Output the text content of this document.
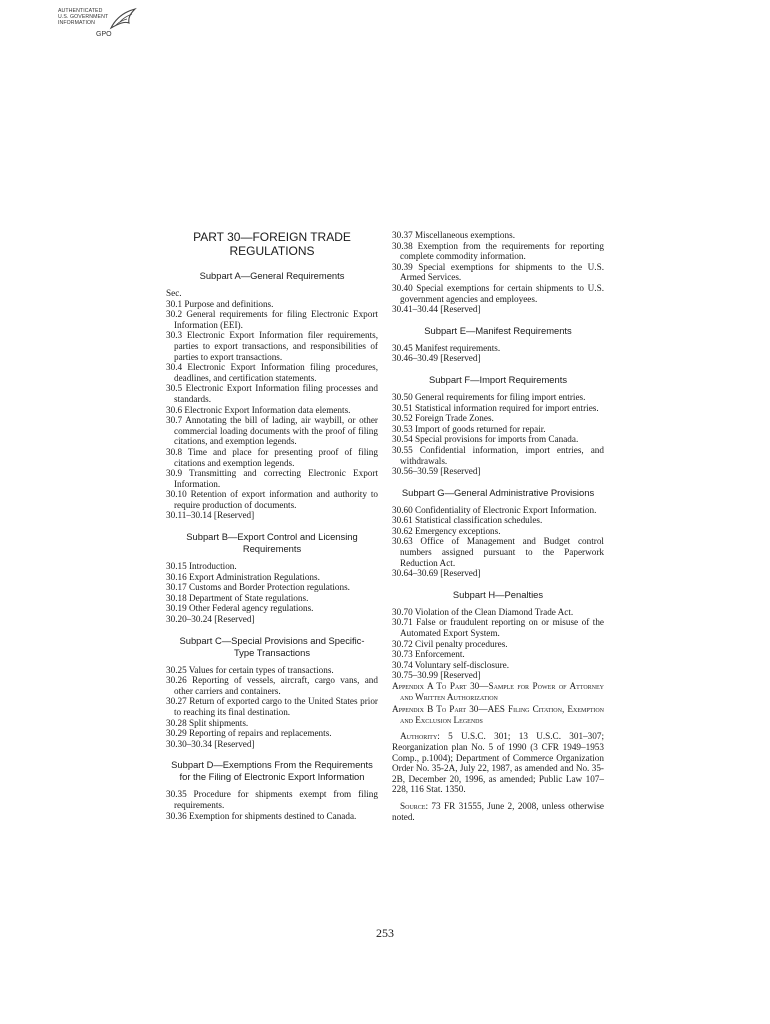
AUTHENTICATED
U.S. GOVERNMENT
INFORMATION
GPO
PART 30—FOREIGN TRADE
REGULATIONS
Subpart A—General Requirements
Sec.
30.1 Purpose and definitions.
30.2 General requirements for filing Electronic Export Information (EEI).
30.3 Electronic Export Information filer requirements, parties to export transactions, and responsibilities of parties to export transactions.
30.4 Electronic Export Information filing procedures, deadlines, and certification statements.
30.5 Electronic Export Information filing processes and standards.
30.6 Electronic Export Information data elements.
30.7 Annotating the bill of lading, air waybill, or other commercial loading documents with the proof of filing citations, and exemption legends.
30.8 Time and place for presenting proof of filing citations and exemption legends.
30.9 Transmitting and correcting Electronic Export Information.
30.10 Retention of export information and authority to require production of documents.
30.11–30.14 [Reserved]
Subpart B—Export Control and Licensing Requirements
30.15 Introduction.
30.16 Export Administration Regulations.
30.17 Customs and Border Protection regulations.
30.18 Department of State regulations.
30.19 Other Federal agency regulations.
30.20–30.24 [Reserved]
Subpart C—Special Provisions and Specific-Type Transactions
30.25 Values for certain types of transactions.
30.26 Reporting of vessels, aircraft, cargo vans, and other carriers and containers.
30.27 Return of exported cargo to the United States prior to reaching its final destination.
30.28 Split shipments.
30.29 Reporting of repairs and replacements.
30.30–30.34 [Reserved]
Subpart D—Exemptions From the Requirements for the Filing of Electronic Export Information
30.35 Procedure for shipments exempt from filing requirements.
30.36 Exemption for shipments destined to Canada.
30.37 Miscellaneous exemptions.
30.38 Exemption from the requirements for reporting complete commodity information.
30.39 Special exemptions for shipments to the U.S. Armed Services.
30.40 Special exemptions for certain shipments to U.S. government agencies and employees.
30.41–30.44 [Reserved]
Subpart E—Manifest Requirements
30.45 Manifest requirements.
30.46–30.49 [Reserved]
Subpart F—Import Requirements
30.50 General requirements for filing import entries.
30.51 Statistical information required for import entries.
30.52 Foreign Trade Zones.
30.53 Import of goods returned for repair.
30.54 Special provisions for imports from Canada.
30.55 Confidential information, import entries, and withdrawals.
30.56–30.59 [Reserved]
Subpart G—General Administrative Provisions
30.60 Confidentiality of Electronic Export Information.
30.61 Statistical classification schedules.
30.62 Emergency exceptions.
30.63 Office of Management and Budget control numbers assigned pursuant to the Paperwork Reduction Act.
30.64–30.69 [Reserved]
Subpart H—Penalties
30.70 Violation of the Clean Diamond Trade Act.
30.71 False or fraudulent reporting on or misuse of the Automated Export System.
30.72 Civil penalty procedures.
30.73 Enforcement.
30.74 Voluntary self-disclosure.
30.75–30.99 [Reserved]
Appendix A To Part 30—Sample for Power of Attorney and Written Authorization
Appendix B To Part 30—AES Filing Citation, Exemption and Exclusion Legends
Authority: 5 U.S.C. 301; 13 U.S.C. 301–307; Reorganization plan No. 5 of 1990 (3 CFR 1949–1953 Comp., p.1004); Department of Commerce Organization Order No. 35-2A, July 22, 1987, as amended and No. 35-2B, December 20, 1996, as amended; Public Law 107–228, 116 Stat. 1350.
Source: 73 FR 31555, June 2, 2008, unless otherwise noted.
253
